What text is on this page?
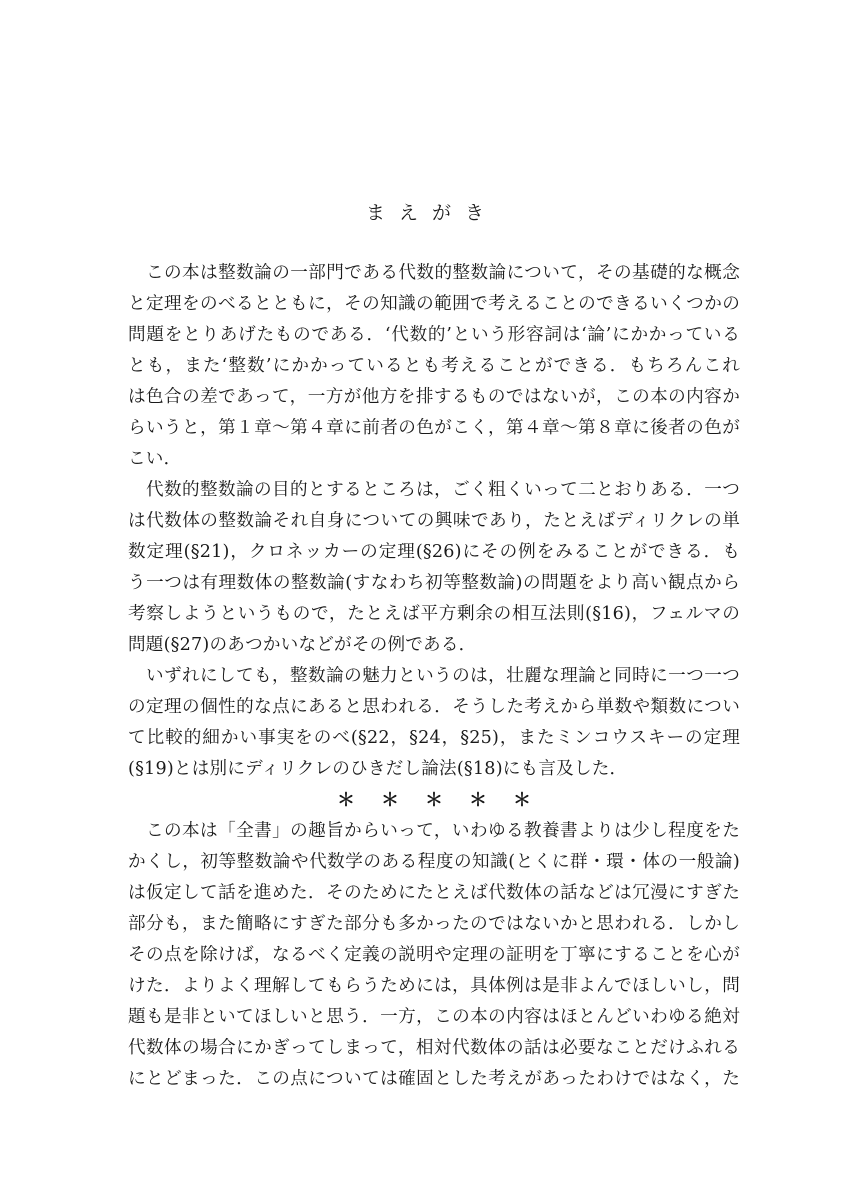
まえがき
この本は整数論の一部門である代数的整数論について，その基礎的な概念
と定理をのべるとともに，その知識の範囲で考えることのできるいくつかの
問題をとりあげたものである．‘代数的’という形容詞は‘論’にかかっている
とも，また‘整数’にかかっているとも考えることができる．もちろんこれ
は色合の差であって，一方が他方を排するものではないが，この本の内容か
らいうと，第１章～第４章に前者の色がこく，第４章～第８章に後者の色が
こい．
代数的整数論の目的とするところは，ごく粗くいって二とおりある．一つ
は代数体の整数論それ自身についての興味であり，たとえばディリクレの単
数定理(§21)，クロネッカーの定理(§26)にその例をみることができる．も
う一つは有理数体の整数論(すなわち初等整数論)の問題をより高い観点から
考察しようというもので，たとえば平方剰余の相互法則(§16)，フェルマの
問題(§27)のあつかいなどがその例である．
いずれにしても，整数論の魅力というのは，壮麗な理論と同時に一つ一つ
の定理の個性的な点にあると思われる．そうした考えから単数や類数につい
て比較的細かい事実をのべ(§22，§24，§25)，またミンコウスキーの定理
(§19)とは別にディリクレのひきだし論法(§18)にも言及した．
＊＊＊＊＊
この本は「全書」の趣旨からいって，いわゆる教養書よりは少し程度をた
かくし，初等整数論や代数学のある程度の知識(とくに群・環・体の一般論)
は仮定して話を進めた．そのためにたとえば代数体の話などは冗漫にすぎた
部分も，また簡略にすぎた部分も多かったのではないかと思われる．しかし
その点を除けば，なるべく定義の説明や定理の証明を丁寧にすることを心が
けた．よりよく理解してもらうためには，具体例は是非よんでほしいし，問
題も是非といてほしいと思う．一方，この本の内容はほとんどいわゆる絶対
代数体の場合にかぎってしまって，相対代数体の話は必要なことだけふれる
にとどまった．この点については確固とした考えがあったわけではなく，た
